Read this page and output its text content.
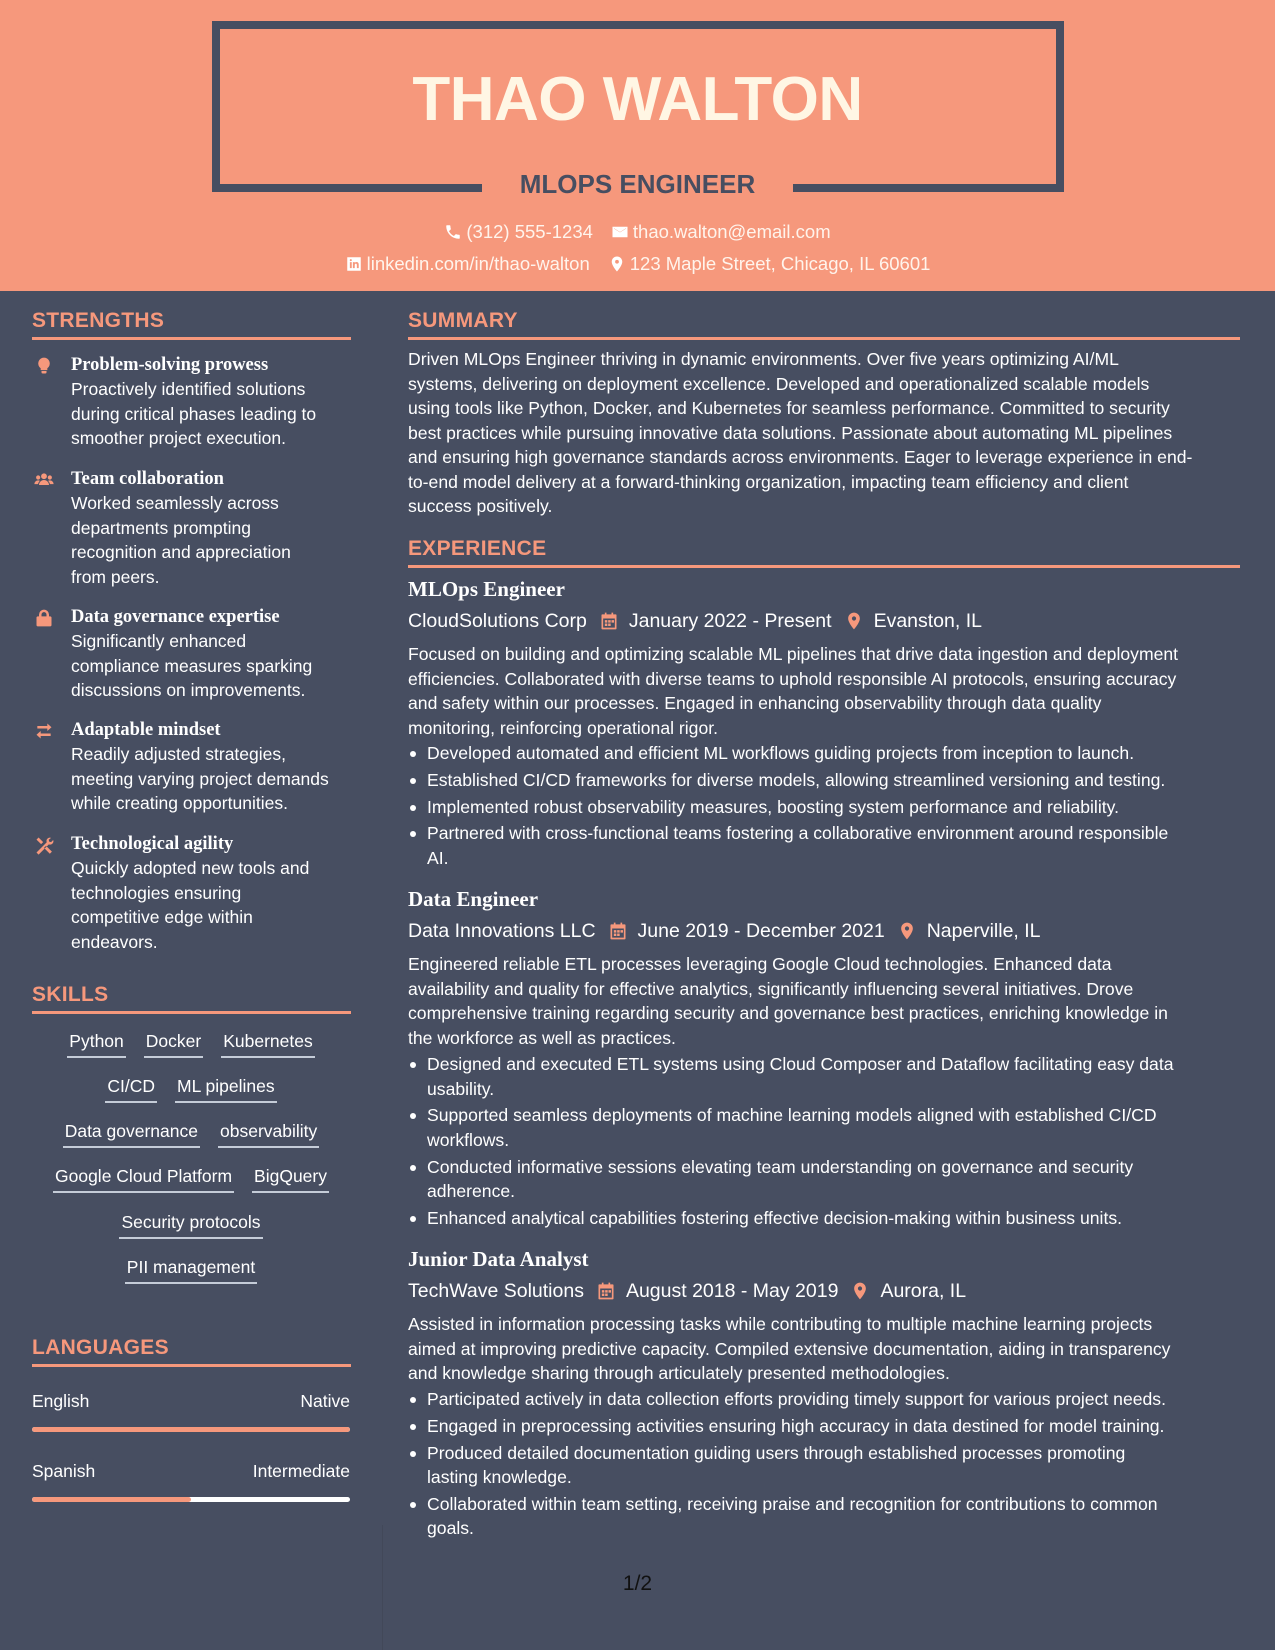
THAO WALTON
MLOPS ENGINEER
(312) 555-1234 thao.walton@email.com
linkedin.com/in/thao-walton 123 Maple Street, Chicago, IL 60601
STRENGTHS
Problem-solving prowess
Proactively identified solutions
during critical phases leading to
smoother project execution.
Team collaboration
Worked seamlessly across
departments prompting
recognition and appreciation
from peers.
Data governance expertise
Significantly enhanced
compliance measures sparking
discussions on improvements.
Adaptable mindset
Readily adjusted strategies,
meeting varying project demands
while creating opportunities.
Technological agility
Quickly adopted new tools and
technologies ensuring
competitive edge within
endeavors.
SKILLS
Python Docker Kubernetes
CI/CD ML pipelines
Data governance observability
Google Cloud Platform BigQuery
Security protocols
PII management
LANGUAGES
English	Native
Spanish	Intermediate
SUMMARY
Driven MLOps Engineer thriving in dynamic environments. Over five years optimizing AI/ML
systems, delivering on deployment excellence. Developed and operationalized scalable models
using tools like Python, Docker, and Kubernetes for seamless performance. Committed to security
best practices while pursuing innovative data solutions. Passionate about automating ML pipelines
and ensuring high governance standards across environments. Eager to leverage experience in end-
to-end model delivery at a forward-thinking organization, impacting team efficiency and client
success positively.
EXPERIENCE
MLOps Engineer
CloudSolutions Corp January 2022 - Present Evanston, IL
Focused on building and optimizing scalable ML pipelines that drive data ingestion and deployment
efficiencies. Collaborated with diverse teams to uphold responsible AI protocols, ensuring accuracy
and safety within our processes. Engaged in enhancing observability through data quality
monitoring, reinforcing operational rigor.
Developed automated and efficient ML workflows guiding projects from inception to launch.
Established CI/CD frameworks for diverse models, allowing streamlined versioning and testing.
Implemented robust observability measures, boosting system performance and reliability.
Partnered with cross-functional teams fostering a collaborative environment around responsible
AI.
Data Engineer
Data Innovations LLC June 2019 - December 2021 Naperville, IL
Engineered reliable ETL processes leveraging Google Cloud technologies. Enhanced data
availability and quality for effective analytics, significantly influencing several initiatives. Drove
comprehensive training regarding security and governance best practices, enriching knowledge in
the workforce as well as practices.
Designed and executed ETL systems using Cloud Composer and Dataflow facilitating easy data
usability.
Supported seamless deployments of machine learning models aligned with established CI/CD
workflows.
Conducted informative sessions elevating team understanding on governance and security
adherence.
Enhanced analytical capabilities fostering effective decision-making within business units.
Junior Data Analyst
TechWave Solutions August 2018 - May 2019 Aurora, IL
Assisted in information processing tasks while contributing to multiple machine learning projects
aimed at improving predictive capacity. Compiled extensive documentation, aiding in transparency
and knowledge sharing through articulately presented methodologies.
Participated actively in data collection efforts providing timely support for various project needs.
Engaged in preprocessing activities ensuring high accuracy in data destined for model training.
Produced detailed documentation guiding users through established processes promoting
lasting knowledge.
Collaborated within team setting, receiving praise and recognition for contributions to common
goals.
1/2
